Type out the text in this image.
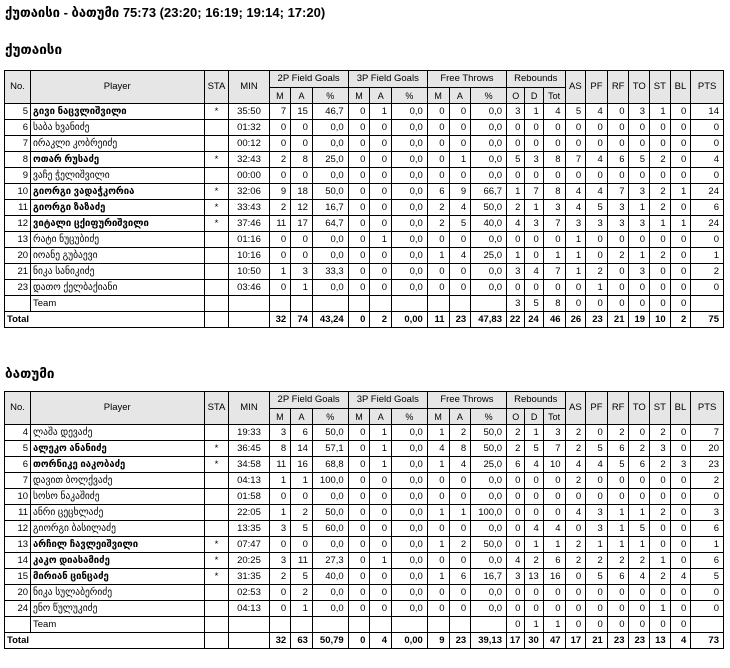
ქუთაისი - ბათუმი 75:73 (23:20; 16:19; 19:14; 17:20)
ქუთაისი
No.	Player	STA	MIN	2P Field Goals			3P Field Goals			Free Throws			Rebounds			AS	PF	RF	TO	ST	BL	PTS
				M	A	%	M	A	%	M	A	%	O	D	Tot							
5	გივი ნაცვლიშვილი	*	35:50	7	15	46,7	0	1	0,0	0	0	0,0	3	1	4	5	4	0	3	1	0	14
6	საბა ხვანიძე		01:32	0	0	0,0	0	0	0,0	0	0	0,0	0	0	0	0	0	0	0	0	0	0
7	ირაკლი კობრეიძე		00:12	0	0	0,0	0	0	0,0	0	0	0,0	0	0	0	0	0	0	0	0	0	0
8	ოთარ რუსაძე	*	32:43	2	8	25,0	0	0	0,0	0	1	0,0	5	3	8	7	4	6	5	2	0	4
9	ვაჩე ჭელიშვილი		00:00	0	0	0,0	0	0	0,0	0	0	0,0	0	0	0	0	0	0	0	0	0	0
10	გიორგი ვადაჭკორია	*	32:06	9	18	50,0	0	0	0,0	6	9	66,7	1	7	8	4	4	7	3	2	1	24
11	გიორგი ზაზაძე	*	33:43	2	12	16,7	0	0	0,0	2	4	50,0	2	1	3	4	5	3	1	2	0	6
12	ვიტალი ცქიფურიშვილი	*	37:46	11	17	64,7	0	0	0,0	2	5	40,0	4	3	7	3	3	3	3	1	1	24
13	რატი ნუცუბიძე		01:16	0	0	0,0	0	1	0,0	0	0	0,0	0	0	0	1	0	0	0	0	0	0
20	იოანე გუბაევი		10:16	0	0	0,0	0	0	0,0	1	4	25,0	1	0	1	1	0	2	1	2	0	1
21	ნიკა სანიკიძე		10:50	1	3	33,3	0	0	0,0	0	0	0,0	3	4	7	1	2	0	3	0	0	2
23	დათო ქელბაქიანი		03:46	0	1	0,0	0	0	0,0	0	0	0,0	0	0	0	0	1	0	0	0	0	0
	Team												3	5	8	0	0	0	0	0	0	
Total				32	74	43,24	0	2	0,00	11	23	47,83	22	24	46	26	23	21	19	10	2	75
ბათუმი
No.	Player	STA	MIN	2P Field Goals			3P Field Goals			Free Throws			Rebounds			AS	PF	RF	TO	ST	BL	PTS
				M	A	%	M	A	%	M	A	%	O	D	Tot							
4	ლაშა დევაძე		19:33	3	6	50,0	0	1	0,0	1	2	50,0	2	1	3	2	0	2	0	2	0	7
5	ალეკო ანანიძე	*	36:45	8	14	57,1	0	1	0,0	4	8	50,0	2	5	7	2	5	6	2	3	0	20
6	თორნიკე იაკობაძე	*	34:58	11	16	68,8	0	1	0,0	1	4	25,0	6	4	10	4	4	5	6	2	3	23
7	დავით ბოლქვაძე		04:13	1	1	100,0	0	0	0,0	0	0	0,0	0	0	0	2	0	0	0	0	0	2
10	სოსო ნაკაშიძე		01:58	0	0	0,0	0	0	0,0	0	0	0,0	0	0	0	0	0	0	0	0	0	0
11	ანრი ცეცხლაძე		22:05	1	2	50,0	0	0	0,0	1	1	100,0	0	0	0	4	3	1	1	2	0	3
12	გიორგი ბასილაძე		13:35	3	5	60,0	0	0	0,0	0	0	0,0	0	4	4	0	3	1	5	0	0	6
13	არჩილ ჩავლეიშვილი	*	07:47	0	0	0,0	0	0	0,0	1	2	50,0	0	1	1	2	1	1	1	0	0	1
14	კაკო დიასამიძე	*	20:25	3	11	27,3	0	1	0,0	0	0	0,0	4	2	6	2	2	2	2	1	0	6
15	მირიან ცინცაძე	*	31:35	2	5	40,0	0	0	0,0	1	6	16,7	3	13	16	0	5	6	4	2	4	5
20	ნიკა სულაბერიძე		02:53	0	2	0,0	0	0	0,0	0	0	0,0	0	0	0	0	0	0	0	0	0	0
24	ენო წულუკიძე		04:13	0	1	0,0	0	0	0,0	0	0	0,0	0	0	0	0	0	0	0	1	0	0
	Team												0	1	1	0	0	0	0	0	0	
Total				32	63	50,79	0	4	0,00	9	23	39,13	17	30	47	17	21	23	23	13	4	73
